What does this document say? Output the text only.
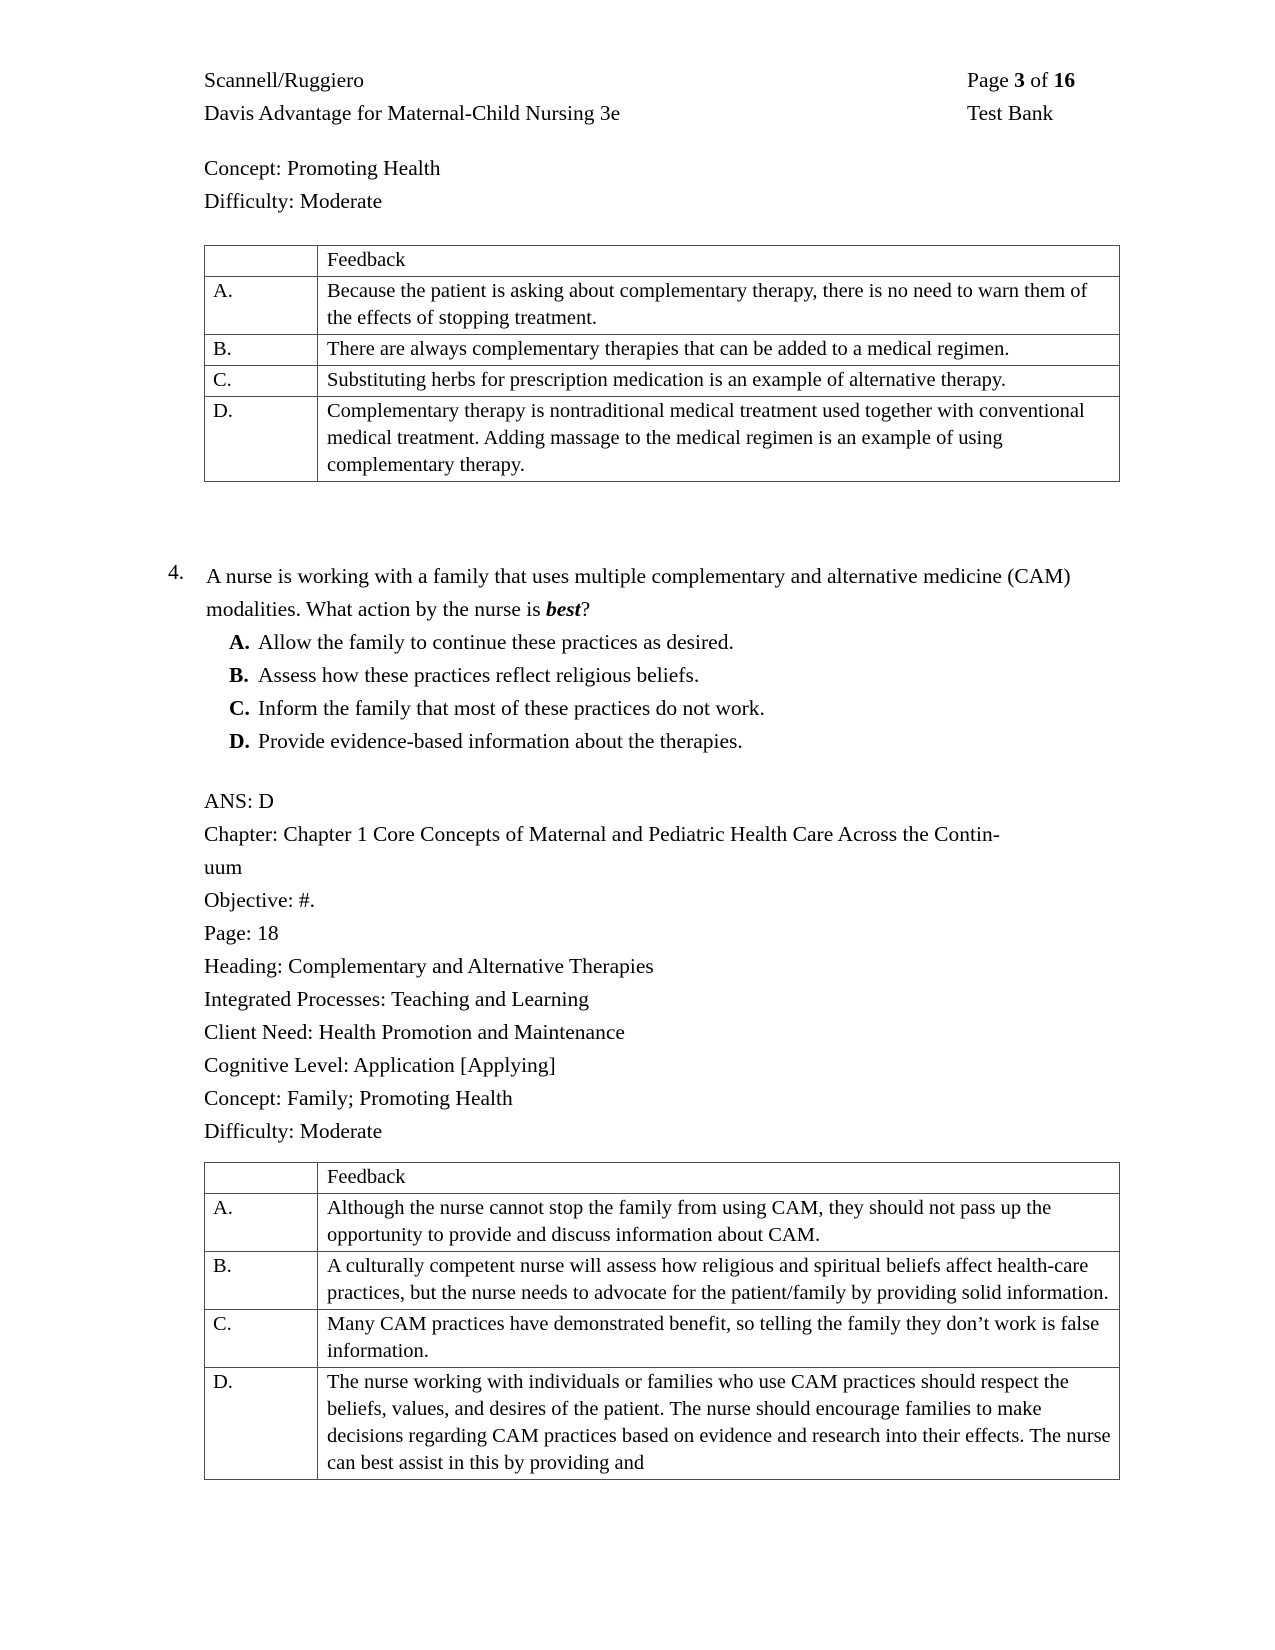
Scannell/Ruggiero
Davis Advantage for Maternal-Child Nursing 3e
Page 3 of 16
Test Bank
Concept: Promoting Health
Difficulty: Moderate
	Feedback
A.	Because the patient is asking about complementary therapy, there is no need to warn them of the effects of stopping treatment.
B.	There are always complementary therapies that can be added to a medical regimen.
C.	Substituting herbs for prescription medication is an example of alternative therapy.
D.	Complementary therapy is nontraditional medical treatment used together with conventional medical treatment. Adding massage to the medical regimen is an example of using complementary therapy.
4. A nurse is working with a family that uses multiple complementary and alternative medicine (CAM) modalities. What action by the nurse is best?
A. Allow the family to continue these practices as desired.
B. Assess how these practices reflect religious beliefs.
C. Inform the family that most of these practices do not work.
D. Provide evidence-based information about the therapies.
ANS: D
Chapter: Chapter 1 Core Concepts of Maternal and Pediatric Health Care Across the Contin-
uum
Objective: #.
Page: 18
Heading: Complementary and Alternative Therapies
Integrated Processes: Teaching and Learning
Client Need: Health Promotion and Maintenance
Cognitive Level: Application [Applying]
Concept: Family; Promoting Health
Difficulty: Moderate
	Feedback
A.	Although the nurse cannot stop the family from using CAM, they should not pass up the opportunity to provide and discuss information about CAM.
B.	A culturally competent nurse will assess how religious and spiritual beliefs affect health-care practices, but the nurse needs to advocate for the patient/family by providing solid information.
C.	Many CAM practices have demonstrated benefit, so telling the family they don’t work is false information.
D.	The nurse working with individuals or families who use CAM practices should respect the beliefs, values, and desires of the patient. The nurse should encourage families to make decisions regarding CAM practices based on evidence and research into their effects. The nurse can best assist in this by providing and
